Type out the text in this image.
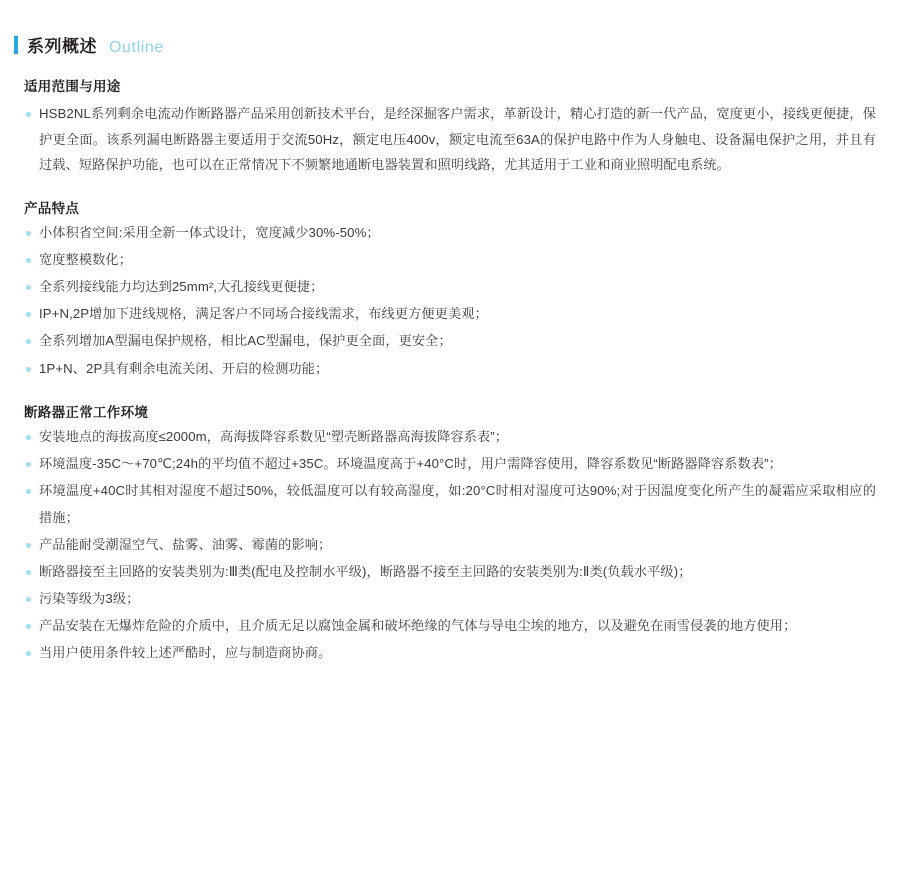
系列概述 Outline
适用范围与用途
HSB2NL系列剩余电流动作断路器产品采用创新技术平台，是经深掘客户需求，革新设计，精心打造的新一代产品，宽度更小，接线更便捷，保护更全面。该系列漏电断路器主要适用于交流50Hz，额定电压400v，额定电流至63A的保护电路中作为人身触电、设备漏电保护之用，并且有过载、短路保护功能，也可以在正常情况下不频繁地通断电器装置和照明线路，尤其适用于工业和商业照明配电系统。
产品特点
小体积省空间:采用全新一体式设计，宽度减少30%-50%；
宽度整模数化；
全系列接线能力均达到25mm²,大孔接线更便捷；
IP+N,2P增加下进线规格，满足客户不同场合接线需求，布线更方便更美观；
全系列增加A型漏电保护规格，相比AC型漏电，保护更全面，更安全；
1P+N、2P具有剩余电流关闭、开启的检测功能；
断路器正常工作环境
安装地点的海拔高度≤2000m，高海拔降容系数见“塑壳断路器高海拔降容系表”；
环境温度-35C～+70℃;24h的平均值不超过+35C。环境温度高于+40°C时，用户需降容使用，降容系数见“断路器降容系数表”；
环境温度+40C时其相对湿度不超过50%，较低温度可以有较高湿度，如:20°C时相对湿度可达90%;对于因温度变化所产生的凝霜应采取相应的措施；
产品能耐受潮湿空气、盐雾、油雾、霉菌的影响；
断路器接至主回路的安装类别为:Ⅲ类(配电及控制水平级)，断路器不接至主回路的安装类别为:Ⅱ类(负载水平级)；
污染等级为3级；
产品安装在无爆炸危险的介质中，且介质无足以腐蚀金属和破坏绝缘的气体与导电尘埃的地方，以及避免在雨雪侵袭的地方使用；
当用户使用条件较上述严酷时，应与制造商协商。
